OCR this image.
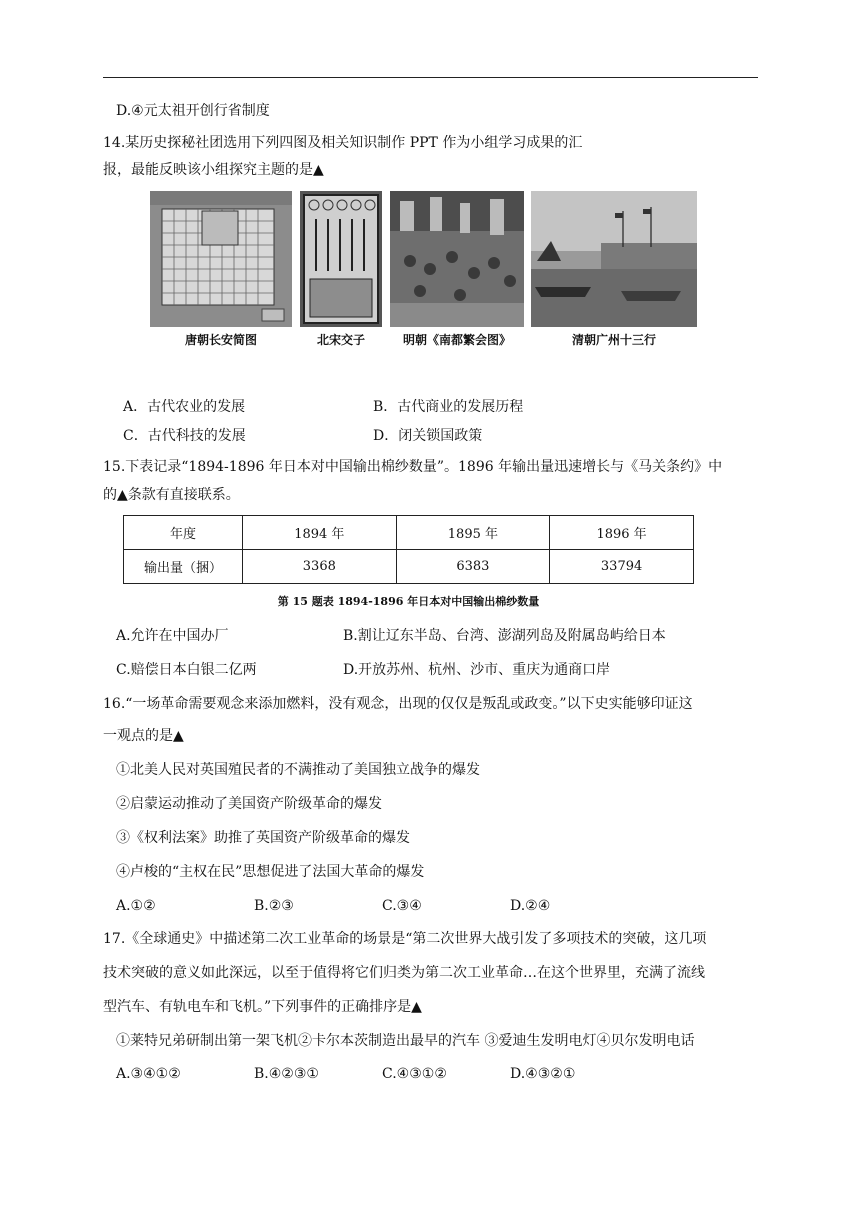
D.④元太祖开创行省制度
14.某历史探秘社团选用下列四图及相关知识制作 PPT 作为小组学习成果的汇
报，最能反映该小组探究主题的是▲
唐朝长安简图	北宋交子	明朝《南都繁会图》	清朝广州十三行
A．古代农业的发展	B．古代商业的发展历程
C．古代科技的发展	D．闭关锁国政策
15.下表记录“1894-1896 年日本对中国输出棉纱数量”。1896 年输出量迅速增长与《马关条约》中
的▲条款有直接联系。
年度	1894 年	1895 年	1896 年
输出量（捆）	3368	6383	33794
第 15 题表 1894-1896 年日本对中国输出棉纱数量
A.允许在中国办厂	B.割让辽东半岛、台湾、澎湖列岛及附属岛屿给日本
C.赔偿日本白银二亿两	D.开放苏州、杭州、沙市、重庆为通商口岸
16.“一场革命需要观念来添加燃料，没有观念，出现的仅仅是叛乱或政变。”以下史实能够印证这
一观点的是▲
①北美人民对英国殖民者的不满推动了美国独立战争的爆发
②启蒙运动推动了美国资产阶级革命的爆发
③《权利法案》助推了英国资产阶级革命的爆发
④卢梭的“主权在民”思想促进了法国大革命的爆发
A.①②	B.②③	C.③④	D.②④
17.《全球通史》中描述第二次工业革命的场景是“第二次世界大战引发了多项技术的突破，这几项
技术突破的意义如此深远，以至于值得将它们归类为第二次工业革命…在这个世界里，充满了流线
型汽车、有轨电车和飞机。”下列事件的正确排序是▲
①莱特兄弟研制出第一架飞机②卡尔本茨制造出最早的汽车 ③爱迪生发明电灯④贝尔发明电话
A.③④①②	B.④②③①	C.④③①②	D.④③②①
